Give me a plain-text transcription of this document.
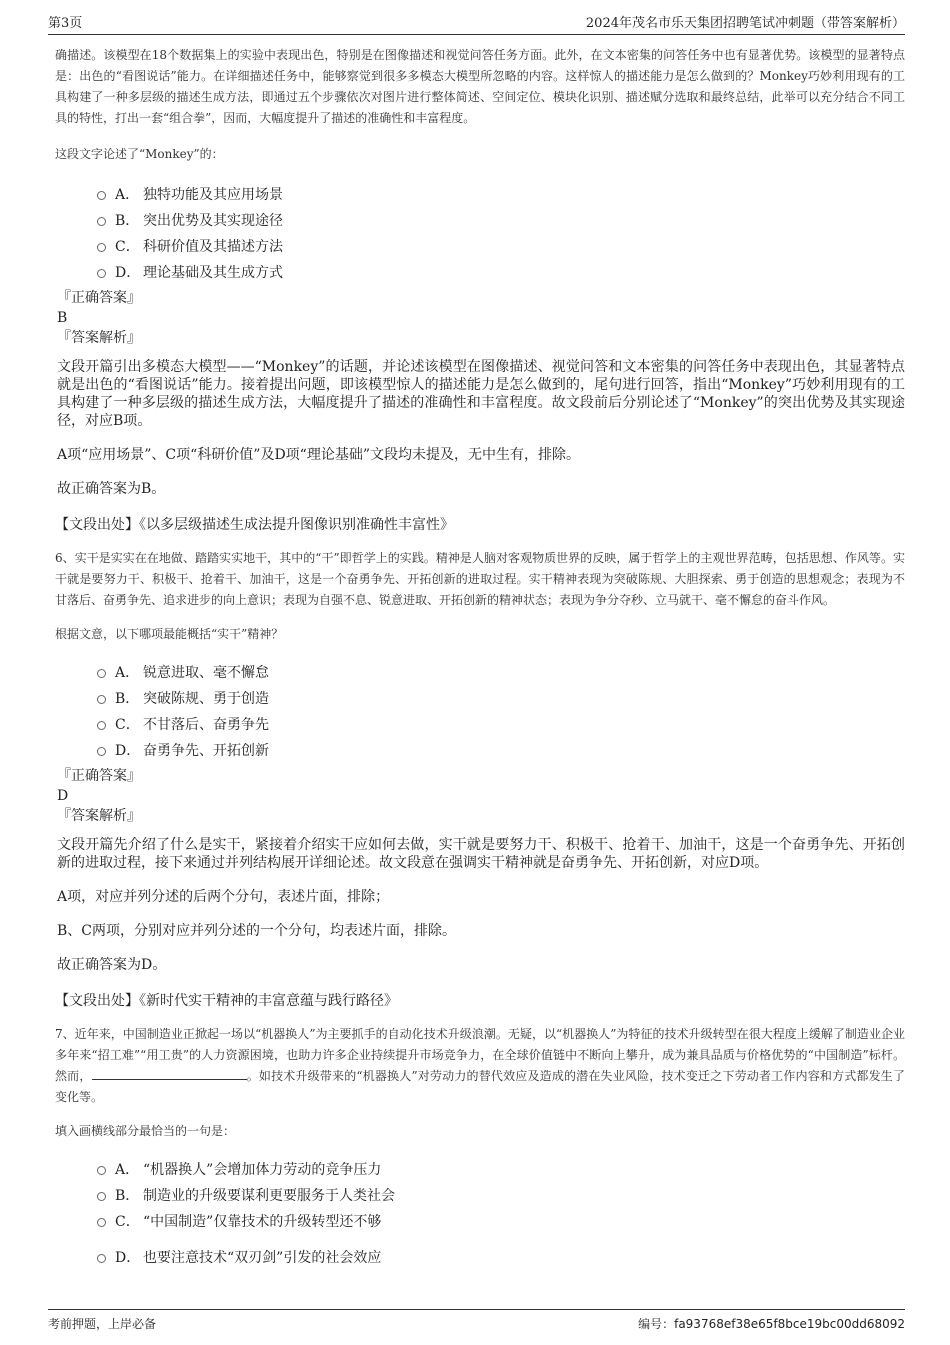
第3页	2024年茂名市乐天集团招聘笔试冲刺题（带答案解析）

确描述。该模型在18个数据集上的实验中表现出色，特别是在图像描述和视觉问答任务方面。此外，在文本密集的问答任务中也有显著优势。该模型的显著特点是：出色的“看图说话”能力。在详细描述任务中，能够察觉到很多多模态大模型所忽略的内容。这样惊人的描述能力是怎么做到的？Monkey巧妙利用现有的工具构建了一种多层级的描述生成方法，即通过五个步骤依次对图片进行整体简述、空间定位、模块化识别、描述赋分选取和最终总结，此举可以充分结合不同工具的特性，打出一套“组合拳”，因而，大幅度提升了描述的准确性和丰富程度。

这段文字论述了“Monkey”的：

A． 独特功能及其应用场景
B． 突出优势及其实现途径
C． 科研价值及其描述方法
D． 理论基础及其生成方式

『正确答案』

B

『答案解析』

文段开篇引出多模态大模型——“Monkey”的话题，并论述该模型在图像描述、视觉问答和文本密集的问答任务中表现出色，其显著特点就是出色的“看图说话”能力。接着提出问题，即该模型惊人的描述能力是怎么做到的，尾句进行回答，指出“Monkey”巧妙利用现有的工具构建了一种多层级的描述生成方法，大幅度提升了描述的准确性和丰富程度。故文段前后分别论述了“Monkey”的突出优势及其实现途径，对应B项。

A项“应用场景”、C项“科研价值”及D项“理论基础”文段均未提及，无中生有，排除。

故正确答案为B。

【文段出处】《以多层级描述生成法提升图像识别准确性丰富性》

6、实干是实实在在地做、踏踏实实地干，其中的“干”即哲学上的实践。精神是人脑对客观物质世界的反映，属于哲学上的主观世界范畴，包括思想、作风等。实干就是要努力干、积极干、抢着干、加油干，这是一个奋勇争先、开拓创新的进取过程。实干精神表现为突破陈规、大胆探索、勇于创造的思想观念；表现为不甘落后、奋勇争先、追求进步的向上意识；表现为自强不息、锐意进取、开拓创新的精神状态；表现为争分夺秒、立马就干、毫不懈怠的奋斗作风。

根据文意，以下哪项最能概括“实干”精神？

A． 锐意进取、毫不懈怠
B． 突破陈规、勇于创造
C． 不甘落后、奋勇争先
D． 奋勇争先、开拓创新

『正确答案』

D

『答案解析』

文段开篇先介绍了什么是实干，紧接着介绍实干应如何去做，实干就是要努力干、积极干、抢着干、加油干，这是一个奋勇争先、开拓创新的进取过程，接下来通过并列结构展开详细论述。故文段意在强调实干精神就是奋勇争先、开拓创新，对应D项。

A项，对应并列分述的后两个分句，表述片面，排除；

B、C两项，分别对应并列分述的一个分句，均表述片面，排除。

故正确答案为D。

【文段出处】《新时代实干精神的丰富意蕴与践行路径》

7、近年来，中国制造业正掀起一场以“机器换人”为主要抓手的自动化技术升级浪潮。无疑，以“机器换人”为特征的技术升级转型在很大程度上缓解了制造业企业多年来“招工难”“用工贵”的人力资源困境，也助力许多企业持续提升市场竞争力，在全球价值链中不断向上攀升，成为兼具品质与价格优势的“中国制造”标杆。然而，	。如技术升级带来的“机器换人”对劳动力的替代效应及造成的潜在失业风险，技术变迁之下劳动者工作内容和方式都发生了变化等。

填入画横线部分最恰当的一句是：

A． “机器换人”会增加体力劳动的竞争压力
B． 制造业的升级要谋利更要服务于人类社会
C． “中国制造”仅靠技术的升级转型还不够
D． 也要注意技术“双刃剑”引发的社会效应
考前押题，上岸必备	编号：fa93768ef38e65f8bce19bc00dd68092
